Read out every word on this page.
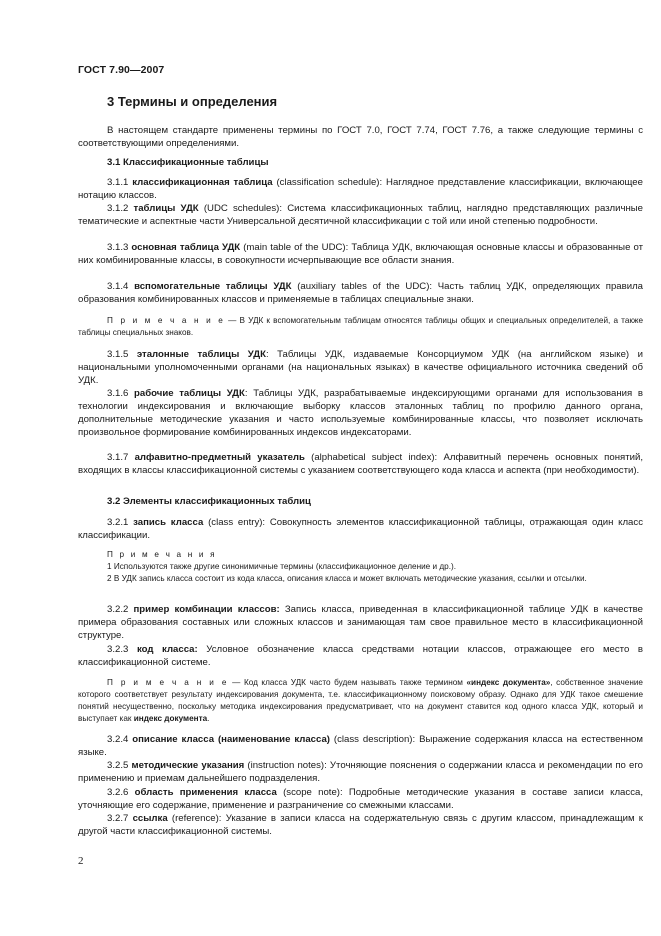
ГОСТ 7.90—2007
3 Термины и определения

В настоящем стандарте применены термины по ГОСТ 7.0, ГОСТ 7.74, ГОСТ 7.76, а также следующие термины с соответствующими определениями.

3.1 Классификационные таблицы

3.1.1 классификационная таблица (classification schedule): Наглядное представление классификации, включающее нотацию классов.

3.1.2 таблицы УДК (UDC schedules): Система классификационных таблиц, наглядно представляющих различные тематические и аспектные части Универсальной десятичной классификации с той или иной степенью подробности.

3.1.3 основная таблица УДК (main table of the UDC): Таблица УДК, включающая основные классы и образованные от них комбинированные классы, в совокупности исчерпывающие все области знания.

3.1.4 вспомогательные таблицы УДК (auxiliary tables of the UDC): Часть таблиц УДК, определяющих правила образования комбинированных классов и применяемые в таблицах специальные знаки.

П р и м е ч а н и е — В УДК к вспомогательным таблицам относятся таблицы общих и специальных определителей, а также таблицы специальных знаков.

3.1.5 эталонные таблицы УДК: Таблицы УДК, издаваемые Консорциумом УДК (на английском языке) и национальными уполномоченными органами (на национальных языках) в качестве официального источника сведений об УДК.

3.1.6 рабочие таблицы УДК: Таблицы УДК, разрабатываемые индексирующими органами для использования в технологии индексирования и включающие выборку классов эталонных таблиц по профилю данного органа, дополнительные методические указания и часто используемые комбинированные классы, что позволяет исключать произвольное формирование комбинированных индексов индексаторами.

3.1.7 алфавитно-предметный указатель (alphabetical subject index): Алфавитный перечень основных понятий, входящих в классы классификационной системы с указанием соответствующего кода класса и аспекта (при необходимости).

3.2 Элементы классификационных таблиц

3.2.1 запись класса (class entry): Совокупность элементов классификационной таблицы, отражающая один класс классификации.

П р и м е ч а н и я

1 Используются также другие синонимичные термины (классификационное деление и др.).

2 В УДК запись класса состоит из кода класса, описания класса и может включать методические указания, ссылки и отсылки.

3.2.2 пример комбинации классов: Запись класса, приведенная в классификационной таблице УДК в качестве примера образования составных или сложных классов и занимающая там свое правильное место в классификационной структуре.

3.2.3 код класса: Условное обозначение класса средствами нотации классов, отражающее его место в классификационной системе.

П р и м е ч а н и е — Код класса УДК часто будем называть также термином «индекс документа», собственное значение которого соответствует результату индексирования документа, т.е. классификационному поисковому образу. Однако для УДК такое смешение понятий несущественно, поскольку методика индексирования предусматривает, что на документ ставится код одного класса УДК, который и выступает как индекс документа.

3.2.4 описание класса (наименование класса) (class description): Выражение содержания класса на естественном языке.

3.2.5 методические указания (instruction notes): Уточняющие пояснения о содержании класса и рекомендации по его применению и приемам дальнейшего подразделения.

3.2.6 область применения класса (scope note): Подробные методические указания в составе записи класса, уточняющие его содержание, применение и разграничение со смежными классами.

3.2.7 ссылка (reference): Указание в записи класса на содержательную связь с другим классом, принадлежащим к другой части классификационной системы.

2
